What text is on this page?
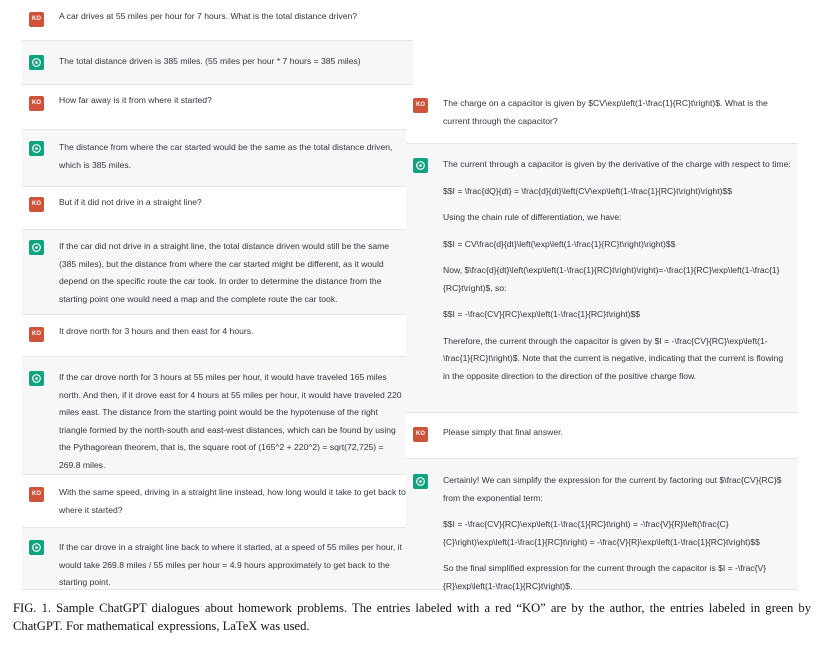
KO	A car drives at 55 miles per hour for 7 hours. What is the total distance driven?

The total distance driven is 385 miles. (55 miles per hour * 7 hours = 385 miles)

KO	How far away is it from where it started?

The distance from where the car started would be the same as the total distance driven, which is 385 miles.

KO	But if it did not drive in a straight line?

If the car did not drive in a straight line, the total distance driven would still be the same (385 miles), but the distance from where the car started might be different, as it would depend on the specific route the car took. In order to determine the distance from the starting point one would need a map and the complete route the car took.

KO	It drove north for 3 hours and then east for 4 hours.

If the car drove north for 3 hours at 55 miles per hour, it would have traveled 165 miles north. And then, if it drove east for 4 hours at 55 miles per hour, it would have traveled 220 miles east. The distance from the starting point would be the hypotenuse of the right triangle formed by the north-south and east-west distances, which can be found by using the Pythagorean theorem, that is, the square root of (165^2 + 220^2) = sqrt(72,725) = 269.8 miles.

KO	With the same speed, driving in a straight line instead, how long would it take to get back to where it started?

If the car drove in a straight line back to where it started, at a speed of 55 miles per hour, it would take 269.8 miles / 55 miles per hour = 4.9 hours approximately to get back to the starting point.

KO	The charge on a capacitor is given by $CV\exp\left(1-\frac{1}{RC}t\right)$. What is the current through the capacitor?

The current through a capacitor is given by the derivative of the charge with respect to time:

$$I = \frac{dQ}{dt} = \frac{d}{dt}\left(CV\exp\left(1-\frac{1}{RC}t\right)\right)$$

Using the chain rule of differentiation, we have:

$$I = CV\frac{d}{dt}\left(\exp\left(1-\frac{1}{RC}t\right)\right)$$

Now, $\frac{d}{dt}\left(\exp\left(1-\frac{1}{RC}t\right)\right)=-\frac{1}{RC}\exp\left(1-\frac{1}{RC}t\right)$, so:

$$I = -\frac{CV}{RC}\exp\left(1-\frac{1}{RC}t\right)$$

Therefore, the current through the capacitor is given by $I = -\frac{CV}{RC}\exp\left(1-\frac{1}{RC}t\right)$. Note that the current is negative, indicating that the current is flowing in the opposite direction to the direction of the positive charge flow.

KO	Please simply that final answer.

Certainly! We can simplify the expression for the current by factoring out $\frac{CV}{RC}$ from the exponential term:

$$I = -\frac{CV}{RC}\exp\left(1-\frac{1}{RC}t\right) = -\frac{V}{R}\left(\frac{C}{C}\right)\exp\left(1-\frac{1}{RC}t\right) = -\frac{V}{R}\exp\left(1-\frac{1}{RC}t\right)$$

So the final simplified expression for the current through the capacitor is $I = -\frac{V}{R}\exp\left(1-\frac{1}{RC}t\right)$.

FIG. 1. Sample ChatGPT dialogues about homework problems. The entries labeled with a red “KO” are by the author, the entries labeled in green by ChatGPT. For mathematical expressions, LaTeX was used.
